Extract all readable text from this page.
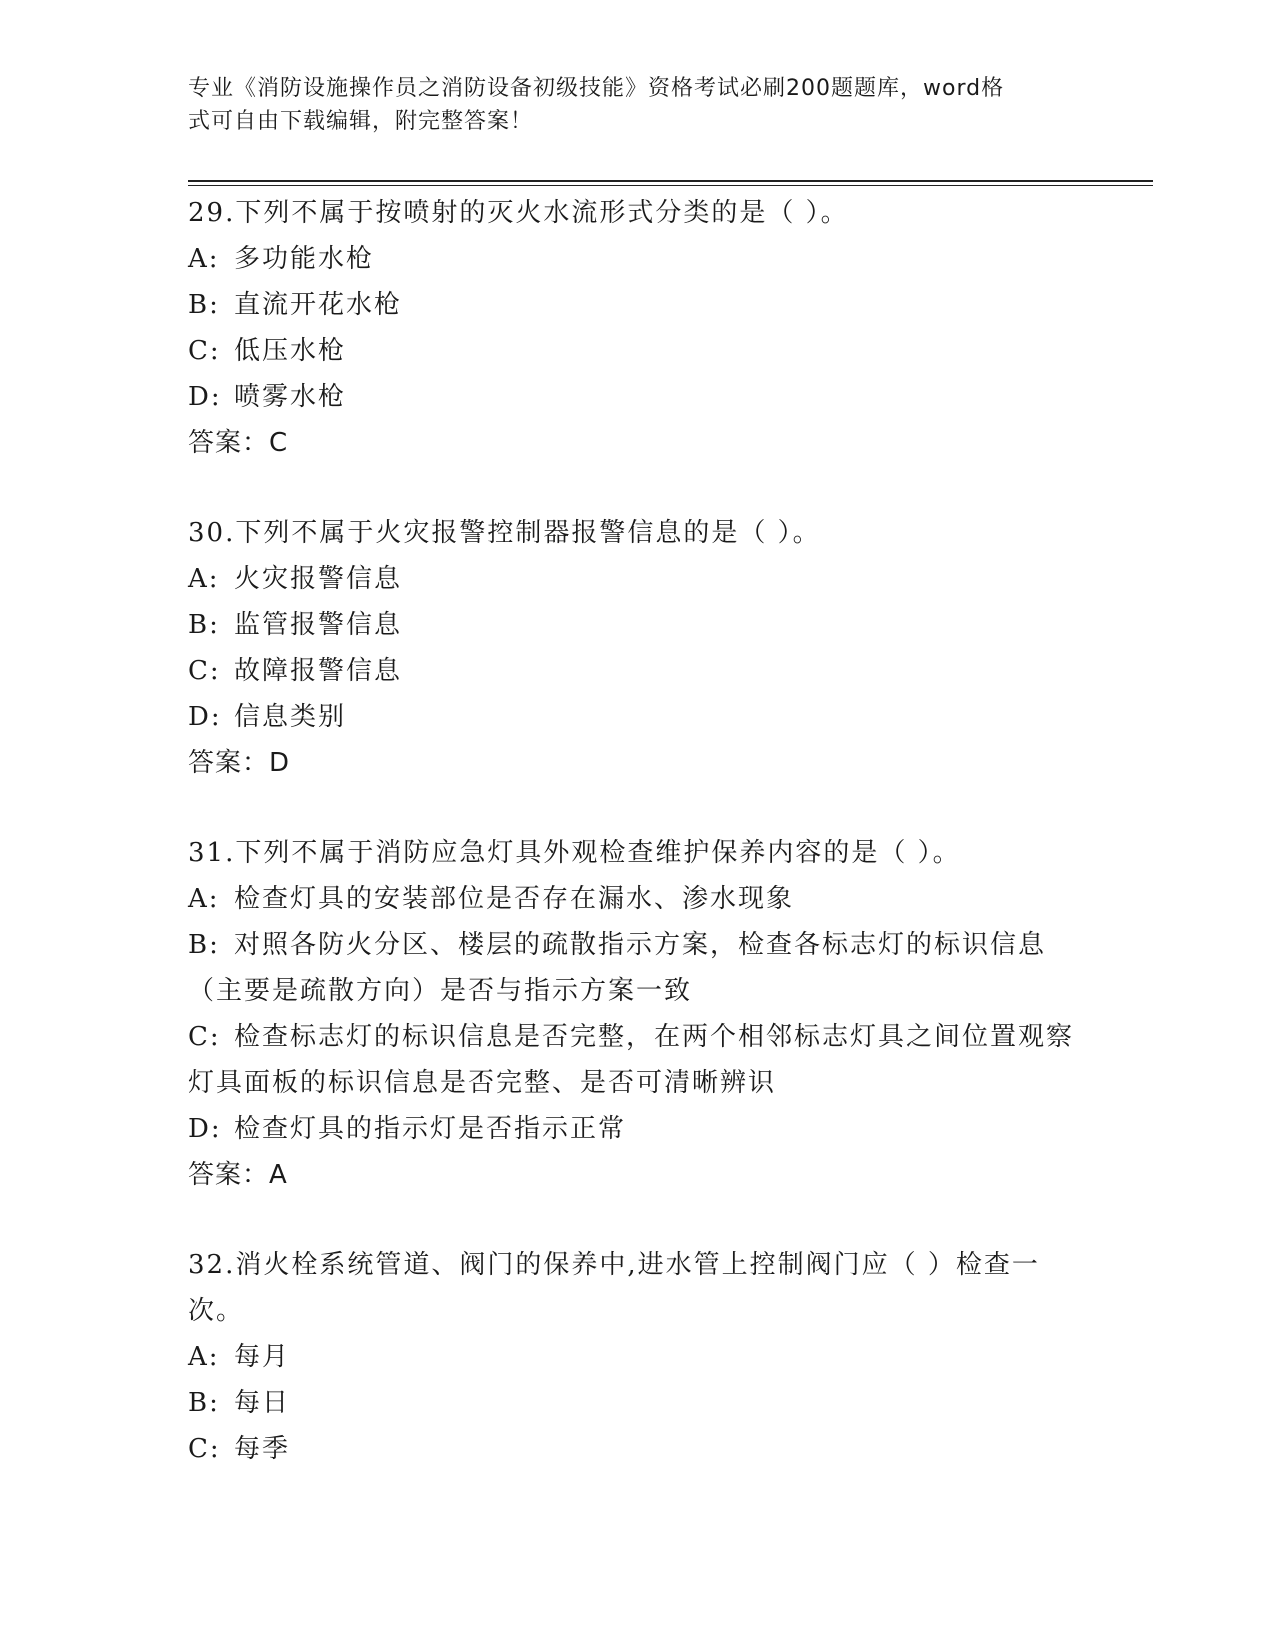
专业《消防设施操作员之消防设备初级技能》资格考试必刷200题题库，word格
式可自由下载编辑，附完整答案！
29.下列不属于按喷射的灭火水流形式分类的是（ ）。
A: 多功能水枪
B: 直流开花水枪
C: 低压水枪
D: 喷雾水枪
答案：C
30.下列不属于火灾报警控制器报警信息的是（ ）。
A: 火灾报警信息
B: 监管报警信息
C: 故障报警信息
D: 信息类别
答案：D
31.下列不属于消防应急灯具外观检查维护保养内容的是（ ）。
A: 检查灯具的安装部位是否存在漏水、渗水现象
B: 对照各防火分区、楼层的疏散指示方案，检查各标志灯的标识信息（主要是疏散方向）是否与指示方案一致
C: 检查标志灯的标识信息是否完整，在两个相邻标志灯具之间位置观察灯具面板的标识信息是否完整、是否可清晰辨识
D: 检查灯具的指示灯是否指示正常
答案：A
32.消火栓系统管道、阀门的保养中,进水管上控制阀门应（ ）检查一次。
A: 每月
B: 每日
C: 每季
